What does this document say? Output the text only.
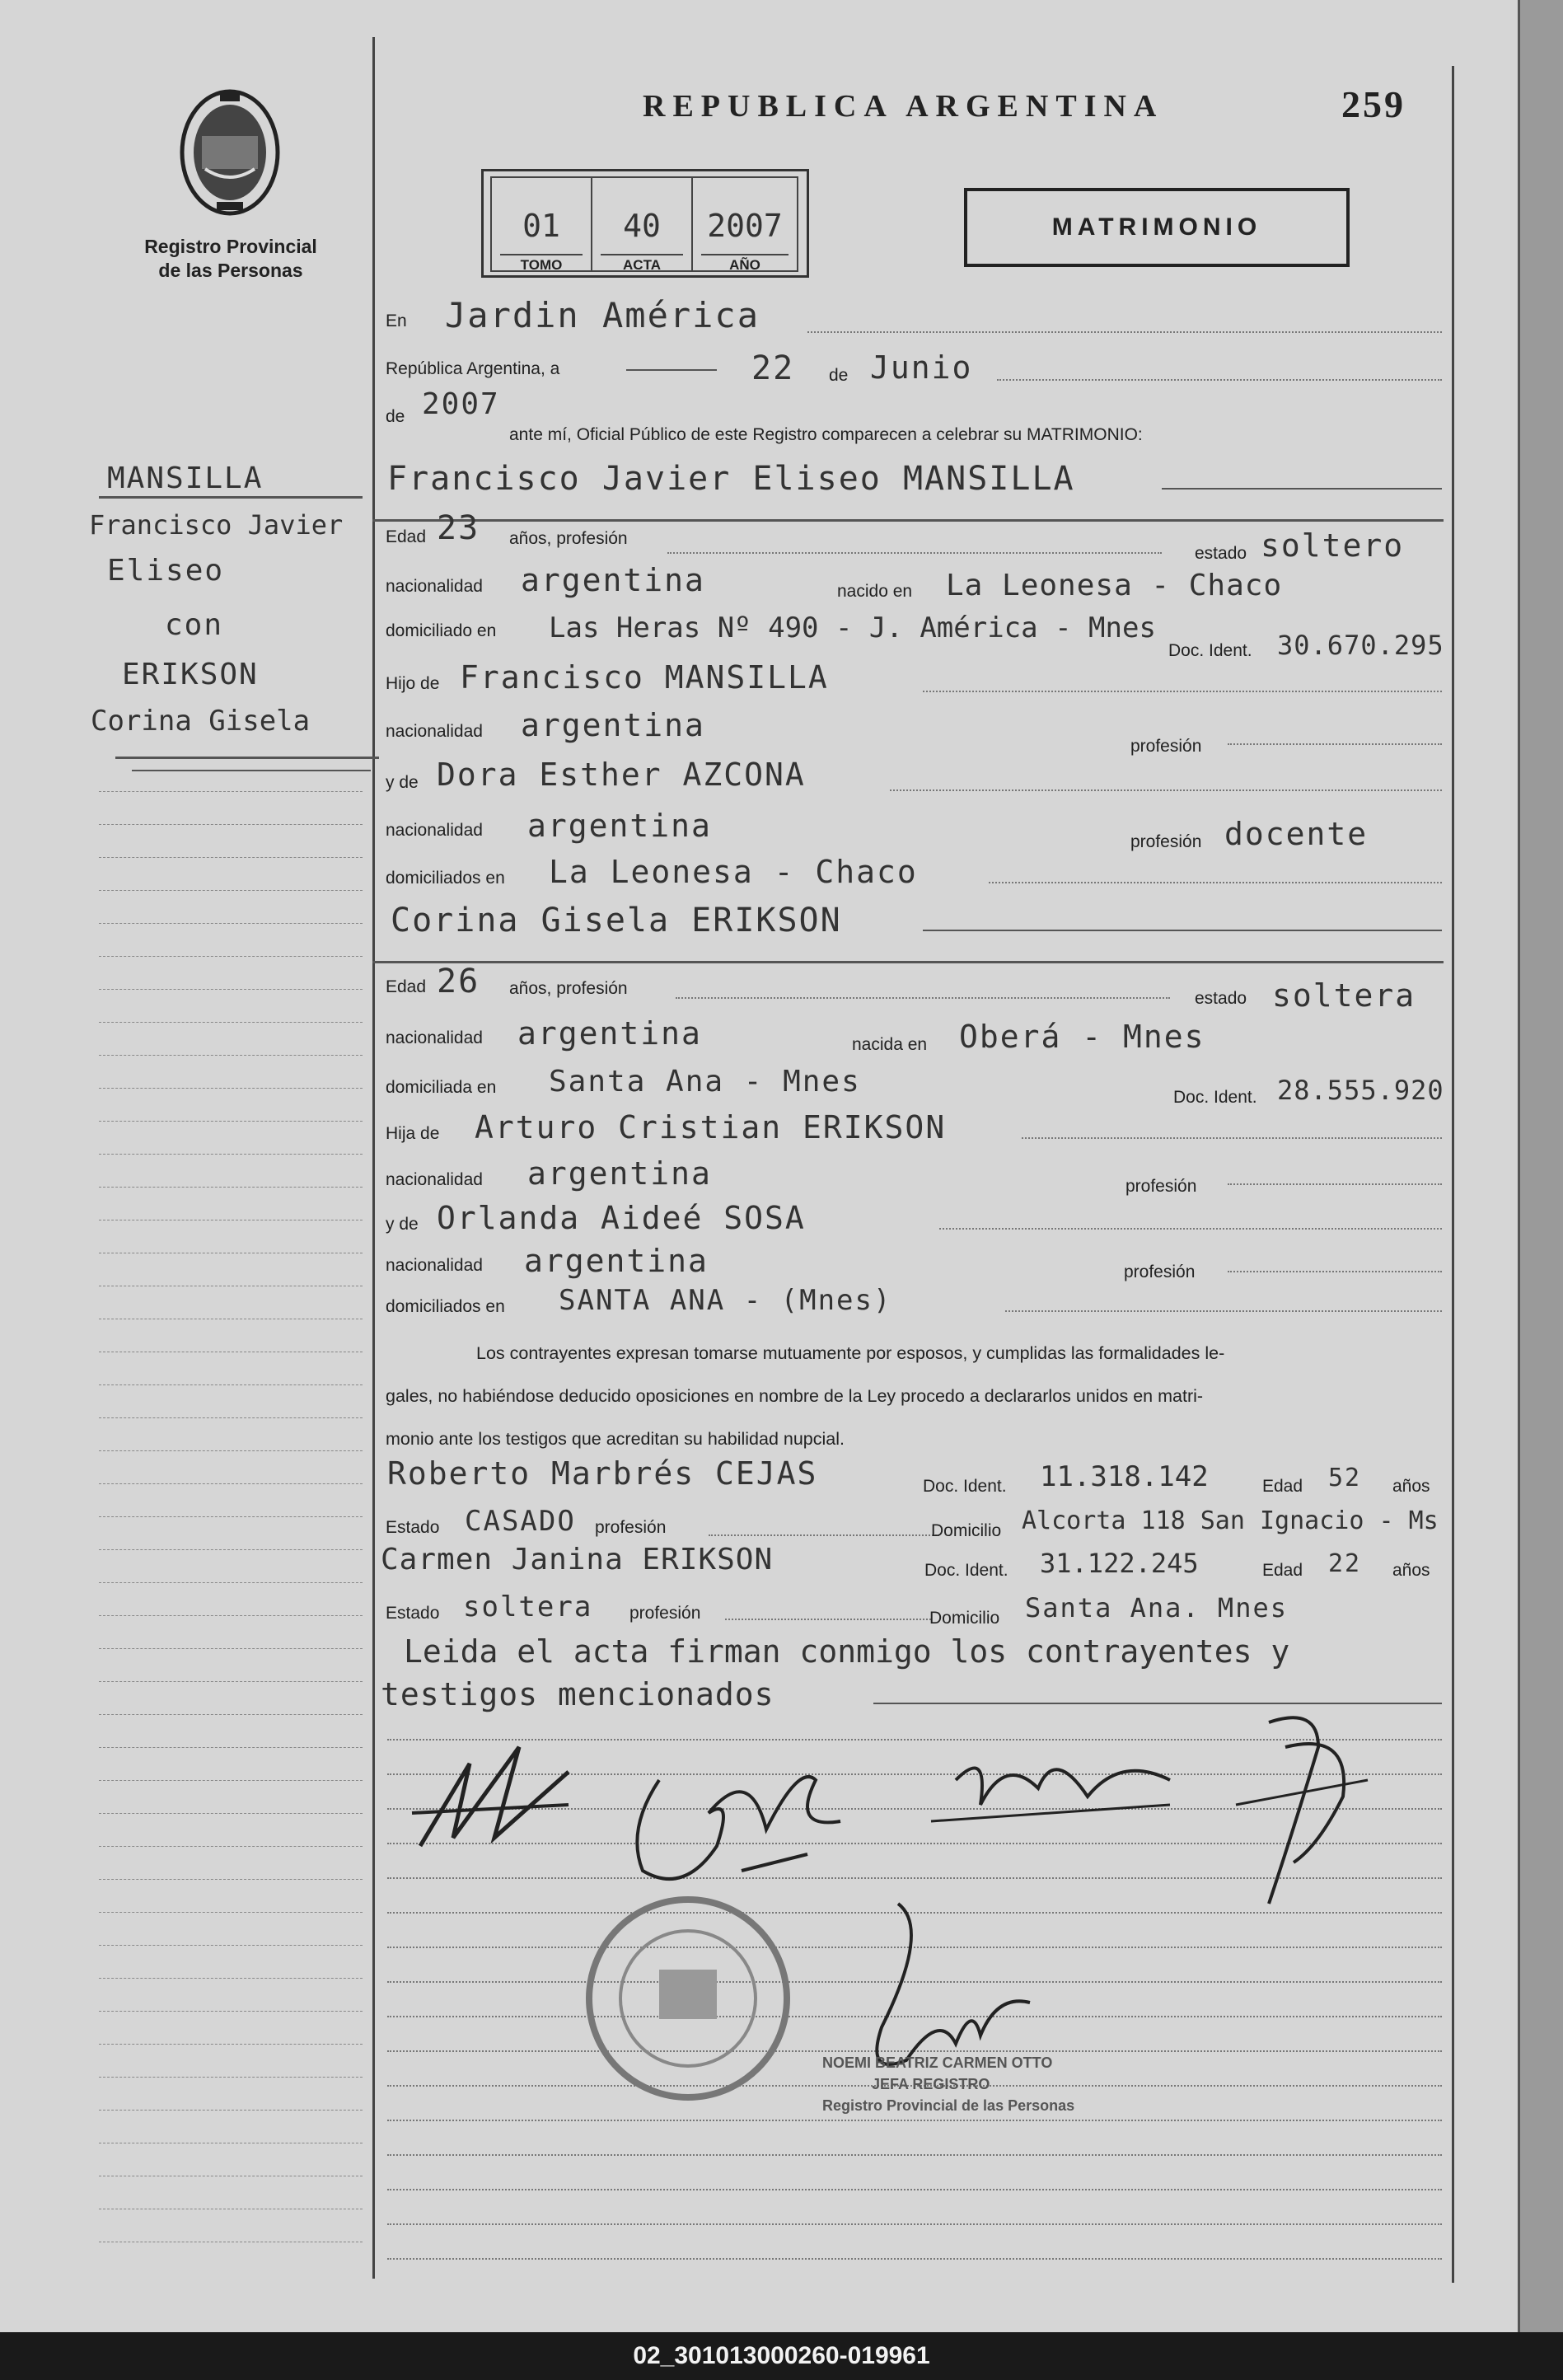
Registro Provincial
de las Personas
REPUBLICA ARGENTINA	259
01
TOMO
40
ACTA
2007
AÑO
MATRIMONIO
MANSILLA
Francisco Javier
Eliseo
con
ERIKSON
Corina Gisela
En Jardin América
República Argentina, a	22 de Junio
de 2007
ante mí, Oficial Público de este Registro comparecen a celebrar su MATRIMONIO:
Francisco Javier Eliseo MANSILLA
Edad 23 años, profesión
estado soltero
nacionalidad argentina	nacido en La Leonesa - Chaco
domiciliado en Las Heras Nº 490 - J. América - Mnes
Doc. Ident. 30.670.295
Hijo de Francisco MANSILLA
nacionalidad argentina
profesión
y de Dora Esther AZCONA
nacionalidad argentina	profesión docente
domiciliados en La Leonesa - Chaco
Corina Gisela ERIKSON
Edad 26 años, profesión
estado soltera
nacionalidad argentina	nacida en Oberá - Mnes
domiciliada en Santa Ana - Mnes	Doc. Ident. 28.555.920
Hija de Arturo Cristian ERIKSON
nacionalidad argentina	profesión
y de Orlanda Aideé SOSA
nacionalidad argentina	profesión
domiciliados en SANTA ANA - (Mnes)
Los contrayentes expresan tomarse mutuamente por esposos, y cumplidas las formalidades le-
gales, no habiéndose deducido oposiciones en nombre de la Ley procedo a declararlos unidos en matri-
monio ante los testigos que acreditan su habilidad nupcial.
Roberto Marbrés CEJAS	Doc. Ident. 11.318.142	Edad 52 años
Estado CASADO profesión	Domicilio Alcorta 118 San Ignacio - Ms
Carmen Janina ERIKSON	Doc. Ident. 31.122.245	Edad 22 años
Estado soltera profesión	Domicilio Santa Ana. Mnes
Leida el acta firman conmigo los contrayentes y
testigos mencionados
NOEMI BEATRIZ CARMEN OTTO
JEFA REGISTRO
Registro Provincial de las Personas
02_301013000260-019961
